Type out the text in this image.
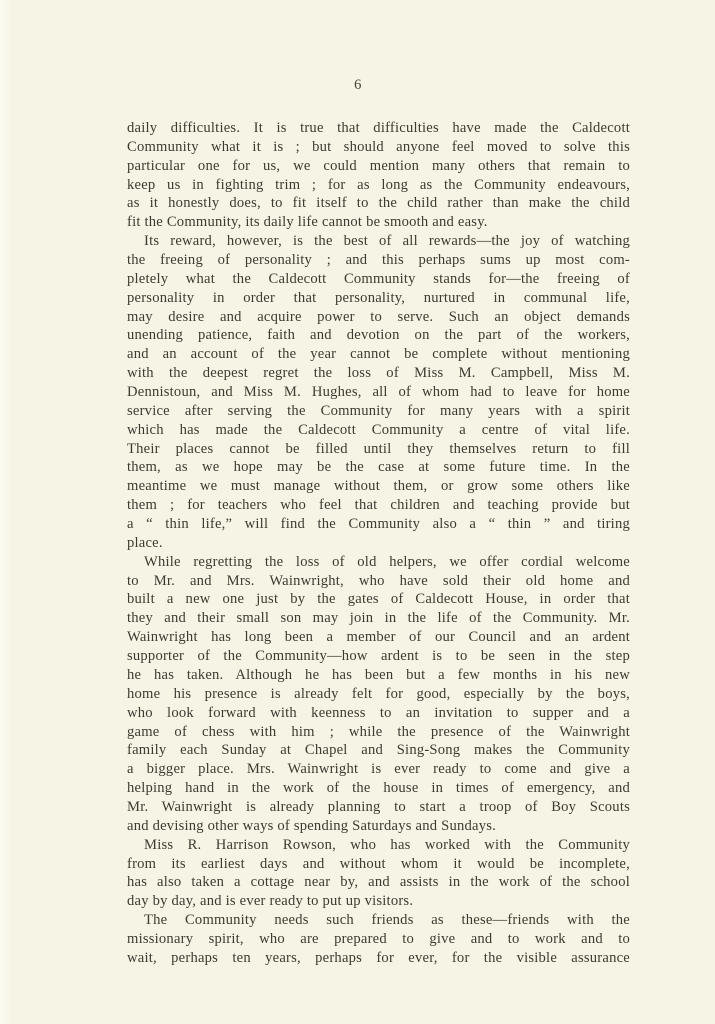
6
daily difficulties. It is true that difficulties have made the Caldecott
Community what it is ; but should anyone feel moved to solve this
particular one for us, we could mention many others that remain to
keep us in fighting trim ; for as long as the Community endeavours,
as it honestly does, to fit itself to the child rather than make the child
fit the Community, its daily life cannot be smooth and easy.
Its reward, however, is the best of all rewards—the joy of watching
the freeing of personality ; and this perhaps sums up most com-
pletely what the Caldecott Community stands for—the freeing of
personality in order that personality, nurtured in communal life,
may desire and acquire power to serve. Such an object demands
unending patience, faith and devotion on the part of the workers,
and an account of the year cannot be complete without mentioning
with the deepest regret the loss of Miss M. Campbell, Miss M.
Dennistoun, and Miss M. Hughes, all of whom had to leave for home
service after serving the Community for many years with a spirit
which has made the Caldecott Community a centre of vital life.
Their places cannot be filled until they themselves return to fill
them, as we hope may be the case at some future time. In the
meantime we must manage without them, or grow some others like
them ; for teachers who feel that children and teaching provide but
a “ thin life,” will find the Community also a “ thin ” and tiring
place.
While regretting the loss of old helpers, we offer cordial welcome
to Mr. and Mrs. Wainwright, who have sold their old home and
built a new one just by the gates of Caldecott House, in order that
they and their small son may join in the life of the Community. Mr.
Wainwright has long been a member of our Council and an ardent
supporter of the Community—how ardent is to be seen in the step
he has taken. Although he has been but a few months in his new
home his presence is already felt for good, especially by the boys,
who look forward with keenness to an invitation to supper and a
game of chess with him ; while the presence of the Wainwright
family each Sunday at Chapel and Sing-Song makes the Community
a bigger place. Mrs. Wainwright is ever ready to come and give a
helping hand in the work of the house in times of emergency, and
Mr. Wainwright is already planning to start a troop of Boy Scouts
and devising other ways of spending Saturdays and Sundays.
Miss R. Harrison Rowson, who has worked with the Community
from its earliest days and without whom it would be incomplete,
has also taken a cottage near by, and assists in the work of the school
day by day, and is ever ready to put up visitors.
The Community needs such friends as these—friends with the
missionary spirit, who are prepared to give and to work and to
wait, perhaps ten years, perhaps for ever, for the visible assurance
